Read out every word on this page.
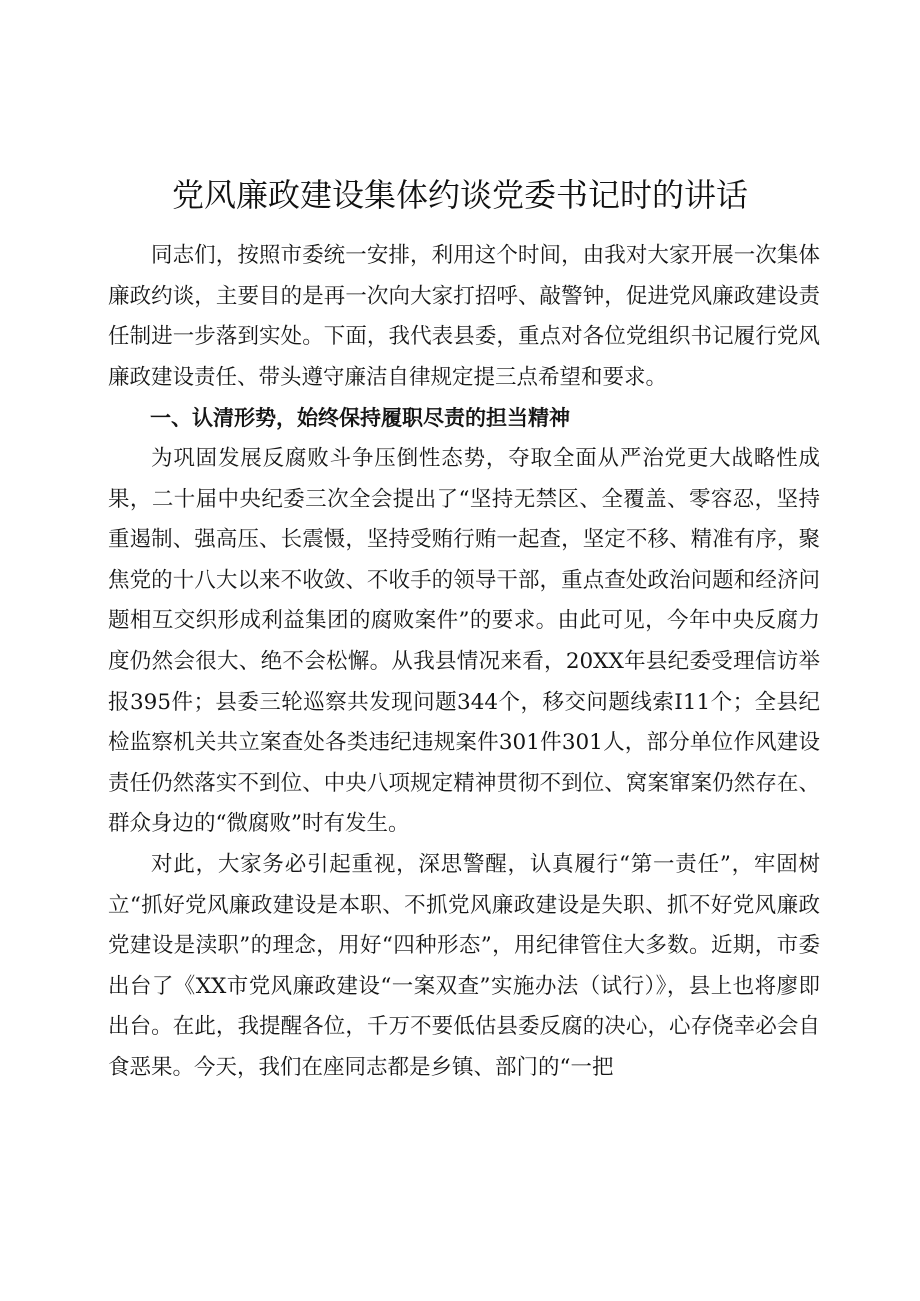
党风廉政建设集体约谈党委书记时的讲话

同志们，按照市委统一安排，利用这个时间，由我对大家开展一次集体廉政约谈，主要目的是再一次向大家打招呼、敲警钟，促进党风廉政建设责任制进一步落到实处。下面，我代表县委，重点对各位党组织书记履行党风廉政建设责任、带头遵守廉洁自律规定提三点希望和要求。

一、认清形势，始终保持履职尽责的担当精神

为巩固发展反腐败斗争压倒性态势，夺取全面从严治党更大战略性成果，二十届中央纪委三次全会提出了“坚持无禁区、全覆盖、零容忍，坚持重遏制、强高压、长震慑，坚持受贿行贿一起查，坚定不移、精准有序，聚焦党的十八大以来不收敛、不收手的领导干部，重点查处政治问题和经济问题相互交织形成利益集团的腐败案件”的要求。由此可见，今年中央反腐力度仍然会很大、绝不会松懈。从我县情况来看，20XX年县纪委受理信访举报395件；县委三轮巡察共发现问题344个，移交问题线索I11个；全县纪检监察机关共立案查处各类违纪违规案件301件301人，部分单位作风建设责任仍然落实不到位、中央八项规定精神贯彻不到位、窝案窜案仍然存在、群众身边的“微腐败”时有发生。

对此，大家务必引起重视，深思警醒，认真履行“第一责任”，牢固树立“抓好党风廉政建设是本职、不抓党风廉政建设是失职、抓不好党风廉政党建设是渎职”的理念，用好“四种形态”，用纪律管住大多数。近期，市委出台了《XX市党风廉政建设“一案双查”实施办法（试行）》，县上也将廖即出台。在此，我提醒各位，千万不要低估县委反腐的决心，心存侥幸必会自食恶果。今天，我们在座同志都是乡镇、部门的“一把
